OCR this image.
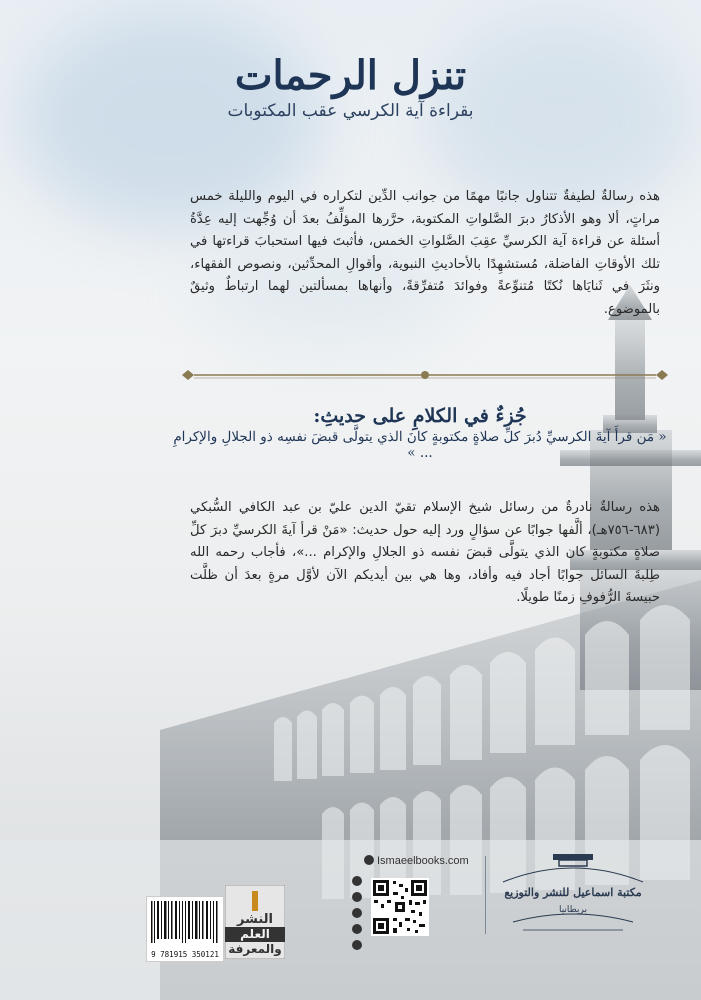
تنزل الرحمات
بقراءة آية الكرسي عقب المكتوبات
هذه رسالةٌ لطيفةٌ تتناول جانبًا مهمًا من جوانب الدِّين لتكراره في اليوم والليلة خمس مراتٍ، ألا وهو الأذكارُ دبرَ الصَّلواتِ المكتوبة، حرَّرها المؤلِّفُ بعدَ أن وُجِّهت إليه عِدَّةُ أسئلة عن قراءة آية الكرسيِّ عقِبَ الصَّلواتِ الخمس، فأثبتَ فيها استحبابَ قراءتها في تلك الأوقاتِ الفاضلة، مُستشهِدًا بالأحاديثِ النبوية، وأقوالِ المحدِّثين، ونصوص الفقهاء، ونثَرَ في ثَنايَاها نُكتًا مُتنوِّعةً وفوائدَ مُتفرِّقةً، وأنهاها بمسألتين لهما ارتباطٌ وثيقٌ بالموضوع.
جُزءٌ في الكلامِ على حديثِ:
« مَن قرأَ آيةَ الكرسيِّ دُبرَ كلِّ صلاةٍ مكتوبةٍ كانَ الذي يتولَّى قبضَ نفسِه ذو الجلالِ والإكرامِ ... »
هذه رسالةٌ نادرةٌ من رسائل شيخ الإسلام تقيّ الدين عليّ بن عبد الكافي السُّبكي (٦٨٣-٧٥٦هـ)، ألَّفها جوابًا عن سؤالٍ ورد إليه حول حديث: «مَنْ قرأ آيةَ الكرسيِّ دبرَ كلِّ صلاةٍ مكتوبةٍ كان الذي يتولَّى قبضَ نفسه ذو الجلالِ والإكرام ...»، فأجاب رحمه الله طِلبةَ السائل جوابًا أجاد فيه وأفاد، وها هي بين أيديكم الآن لأوَّل مرةٍ بعدَ أن ظلَّت حبيسةَ الرُّفوفِ زمنًا طويلًا.
9 781915 350121
النشر
العلم
والمعرفة
Ismaeelbooks.com
مكتبة اسماعيل للنشر والتوزيع
بريطانيا
